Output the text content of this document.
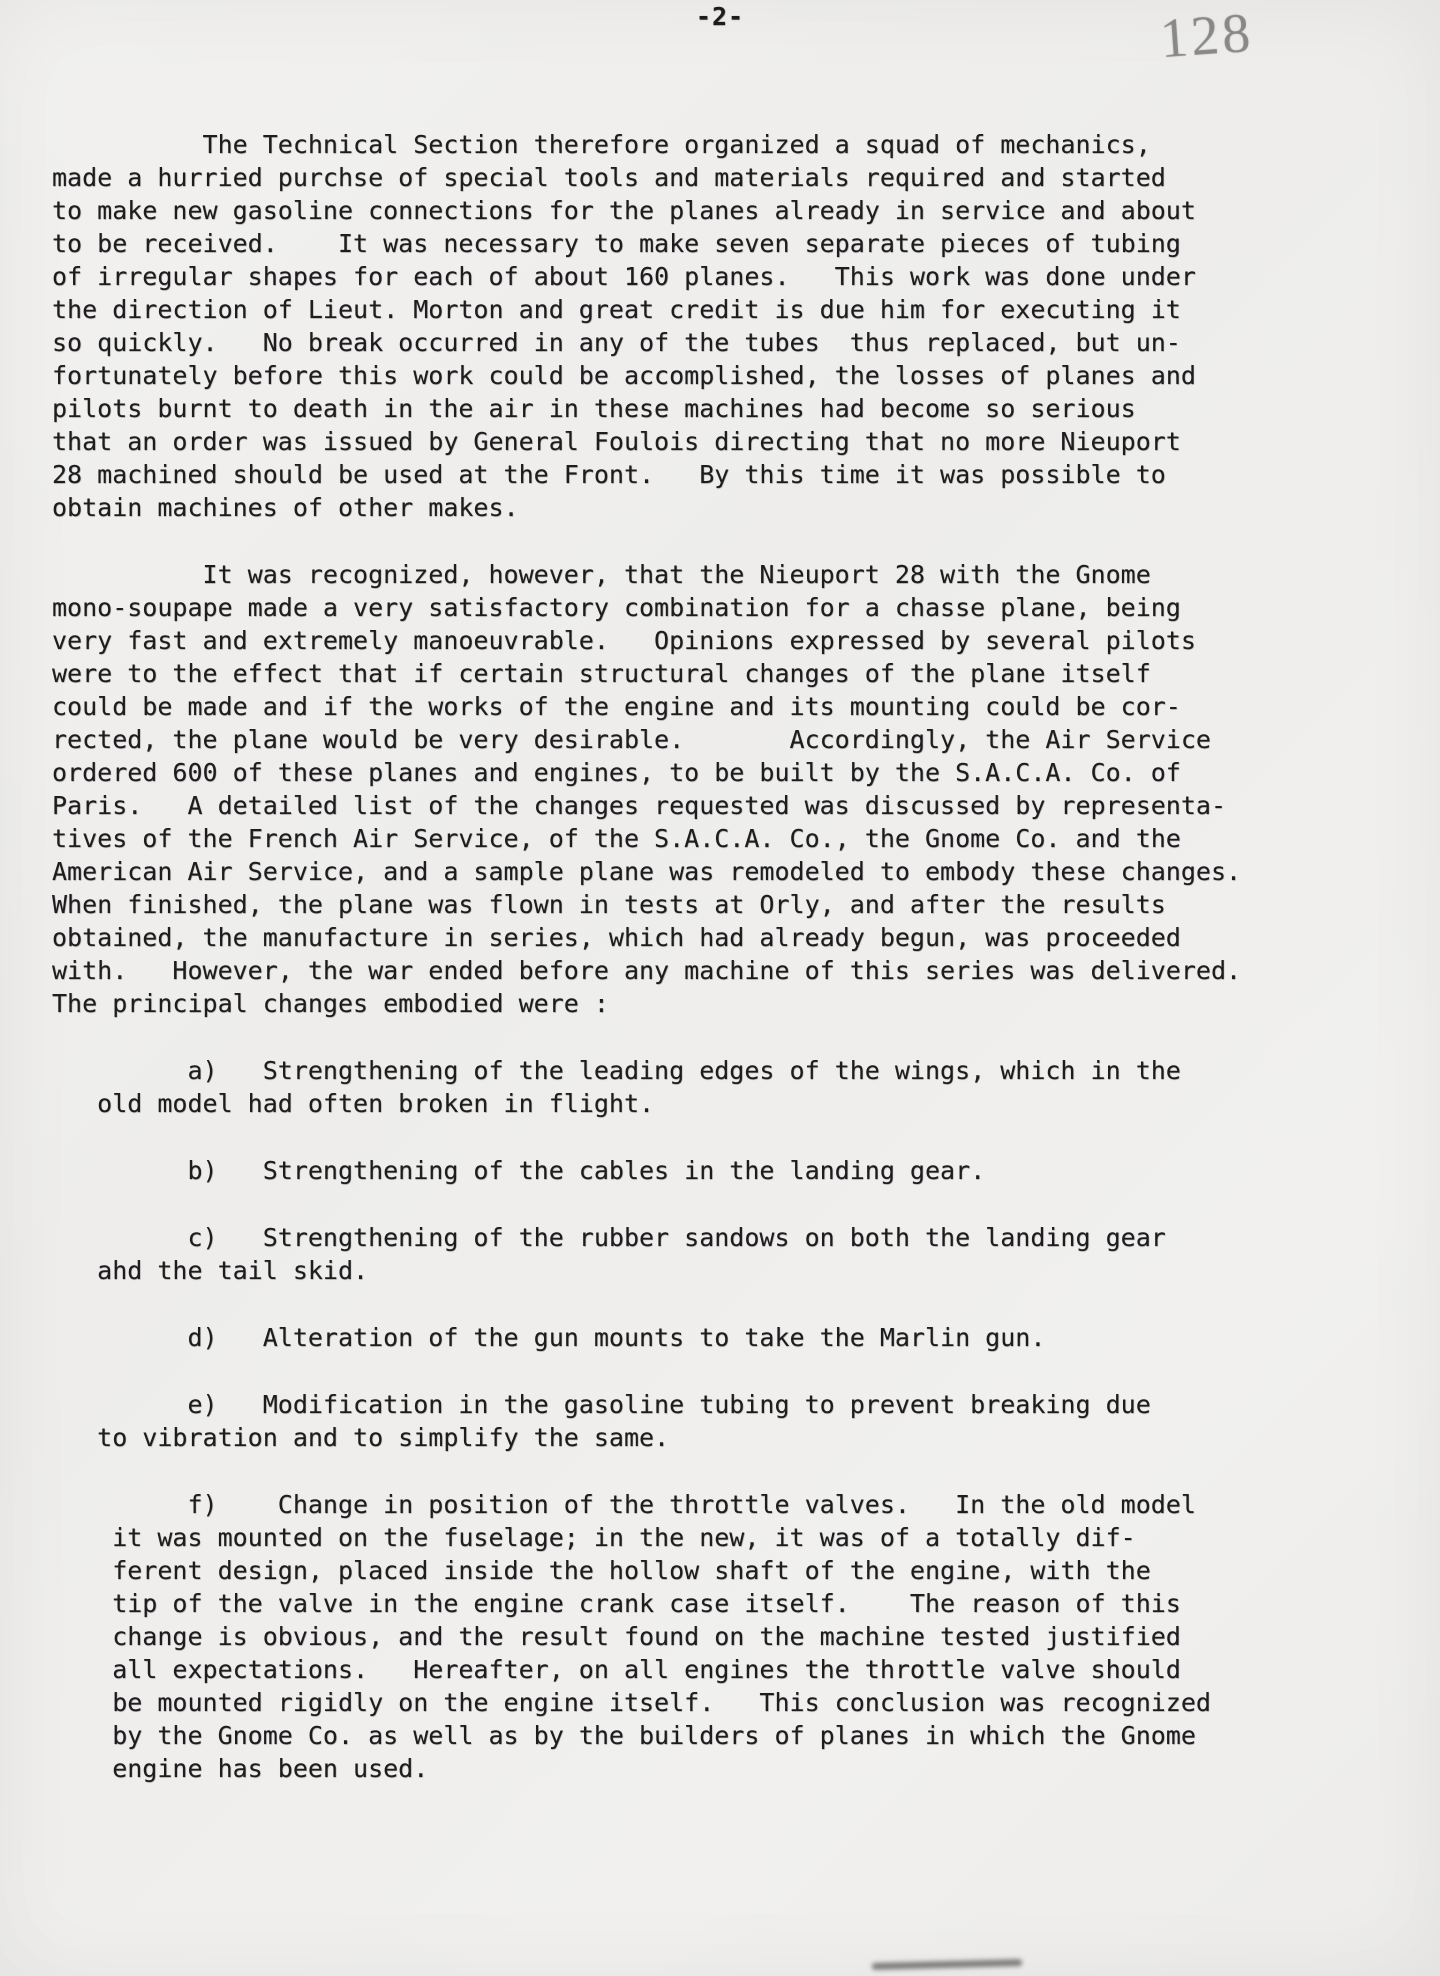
-2-	128
The Technical Section therefore organized a squad of mechanics,
made a hurried purchse of special tools and materials required and started
to make new gasoline connections for the planes already in service and about
to be received.    It was necessary to make seven separate pieces of tubing
of irregular shapes for each of about 160 planes.   This work was done under
the direction of Lieut. Morton and great credit is due him for executing it
so quickly.   No break occurred in any of the tubes  thus replaced, but un-
fortunately before this work could be accomplished, the losses of planes and
pilots burnt to death in the air in these machines had become so serious
that an order was issued by General Foulois directing that no more Nieuport
28 machined should be used at the Front.   By this time it was possible to
obtain machines of other makes.
It was recognized, however, that the Nieuport 28 with the Gnome
mono-soupape made a very satisfactory combination for a chasse plane, being
very fast and extremely manoeuvrable.   Opinions expressed by several pilots
were to the effect that if certain structural changes of the plane itself
could be made and if the works of the engine and its mounting could be cor-
rected, the plane would be very desirable.       Accordingly, the Air Service
ordered 600 of these planes and engines, to be built by the S.A.C.A. Co. of
Paris.   A detailed list of the changes requested was discussed by representa-
tives of the French Air Service, of the S.A.C.A. Co., the Gnome Co. and the
American Air Service, and a sample plane was remodeled to embody these changes.
When finished, the plane was flown in tests at Orly, and after the results
obtained, the manufacture in series, which had already begun, was proceeded
with.   However, the war ended before any machine of this series was delivered.
The principal changes embodied were :
a)   Strengthening of the leading edges of the wings, which in the
old model had often broken in flight.
b)   Strengthening of the cables in the landing gear.
c)   Strengthening of the rubber sandows on both the landing gear
ahd the tail skid.
d)   Alteration of the gun mounts to take the Marlin gun.
e)   Modification in the gasoline tubing to prevent breaking due
to vibration and to simplify the same.
f)    Change in position of the throttle valves.   In the old model
it was mounted on the fuselage; in the new, it was of a totally dif-
ferent design, placed inside the hollow shaft of the engine, with the
tip of the valve in the engine crank case itself.    The reason of this
change is obvious, and the result found on the machine tested justified
all expectations.   Hereafter, on all engines the throttle valve should
be mounted rigidly on the engine itself.   This conclusion was recognized
by the Gnome Co. as well as by the builders of planes in which the Gnome
engine has been used.
